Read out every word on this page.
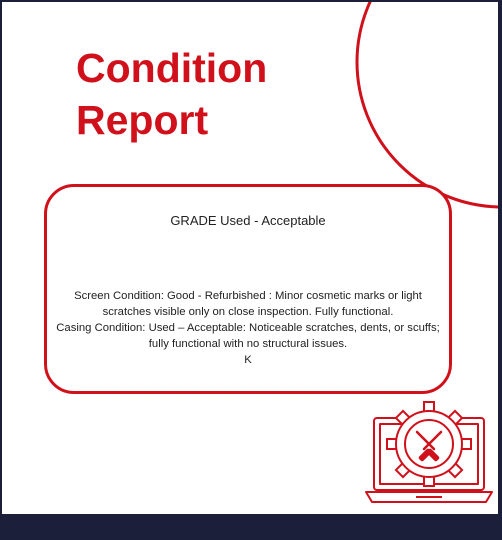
Condition
Report
GRADE Used - Acceptable
Screen Condition: Good - Refurbished : Minor cosmetic marks or light
scratches visible only on close inspection. Fully functional.
Casing Condition: Used – Acceptable: Noticeable scratches, dents, or scuffs;
fully functional with no structural issues.
K
